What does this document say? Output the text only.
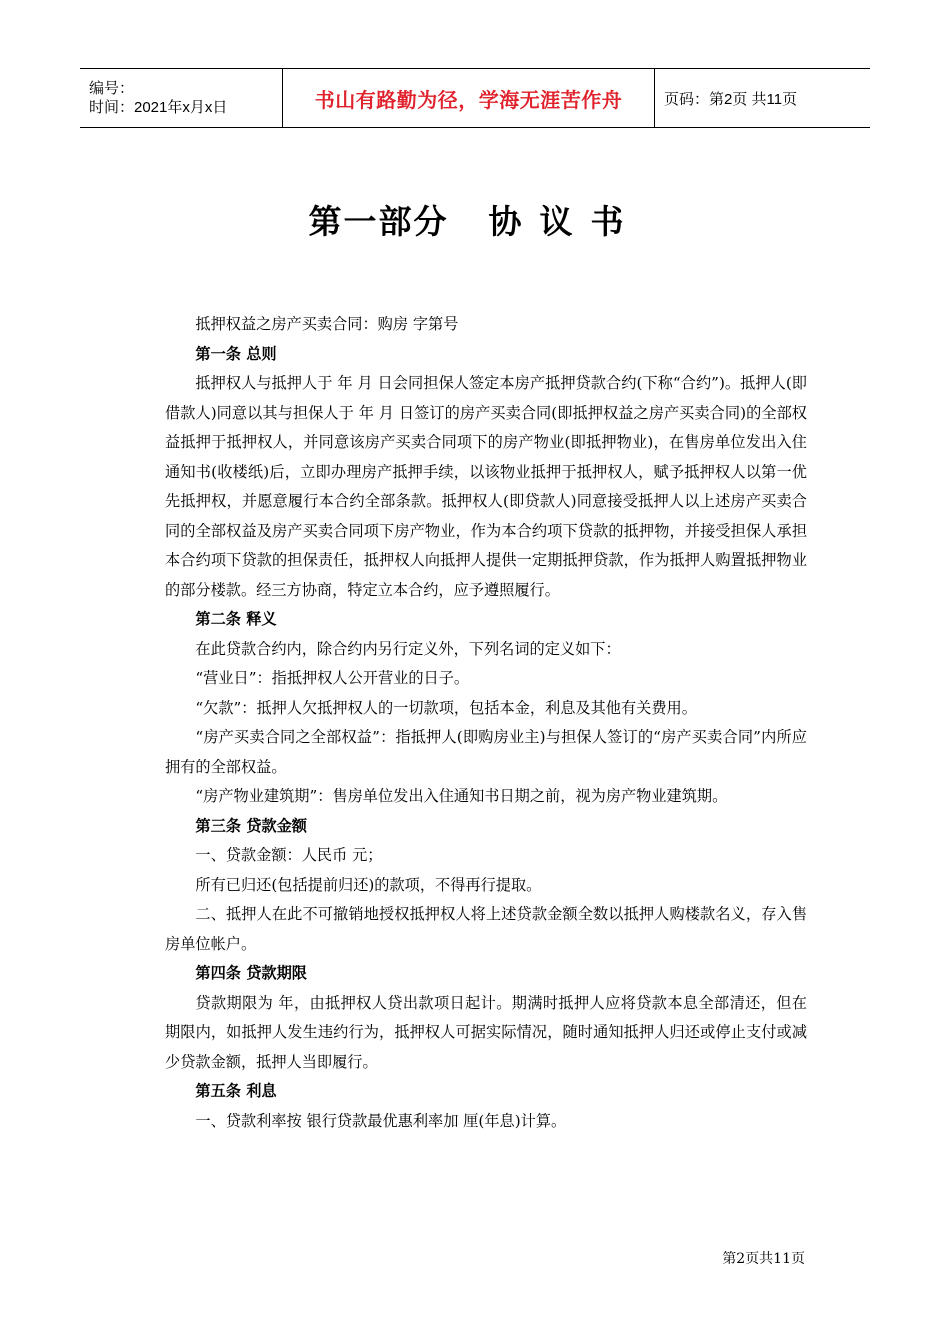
编号：
时间：2021年x月x日	书山有路勤为径，学海无涯苦作舟	页码：第2页 共11页
第一部分 协议书

抵押权益之房产买卖合同：购房 字第号

第一条 总则

抵押权人与抵押人于 年 月 日会同担保人签定本房产抵押贷款合约(下称“合约”)。抵押人(即借款人)同意以其与担保人于 年 月 日签订的房产买卖合同(即抵押权益之房产买卖合同)的全部权益抵押于抵押权人，并同意该房产买卖合同项下的房产物业(即抵押物业)，在售房单位发出入住通知书(收楼纸)后，立即办理房产抵押手续，以该物业抵押于抵押权人，赋予抵押权人以第一优先抵押权，并愿意履行本合约全部条款。抵押权人(即贷款人)同意接受抵押人以上述房产买卖合同的全部权益及房产买卖合同项下房产物业，作为本合约项下贷款的抵押物，并接受担保人承担本合约项下贷款的担保责任，抵押权人向抵押人提供一定期抵押贷款，作为抵押人购置抵押物业的部分楼款。经三方协商，特定立本合约，应予遵照履行。

第二条 释义

在此贷款合约内，除合约内另行定义外，下列名词的定义如下：

“营业日”：指抵押权人公开营业的日子。

“欠款”：抵押人欠抵押权人的一切款项，包括本金，利息及其他有关费用。

“房产买卖合同之全部权益”：指抵押人(即购房业主)与担保人签订的“房产买卖合同”内所应拥有的全部权益。

“房产物业建筑期”：售房单位发出入住通知书日期之前，视为房产物业建筑期。

第三条 贷款金额

一、贷款金额：人民币 元；

所有已归还(包括提前归还)的款项，不得再行提取。

二、抵押人在此不可撤销地授权抵押权人将上述贷款金额全数以抵押人购楼款名义，存入售房单位帐户。

第四条 贷款期限

贷款期限为 年，由抵押权人贷出款项日起计。期满时抵押人应将贷款本息全部清还，但在期限内，如抵押人发生违约行为，抵押权人可据实际情况，随时通知抵押人归还或停止支付或减少贷款金额，抵押人当即履行。

第五条 利息

一、贷款利率按 银行贷款最优惠利率加 厘(年息)计算。

第2页共11页
